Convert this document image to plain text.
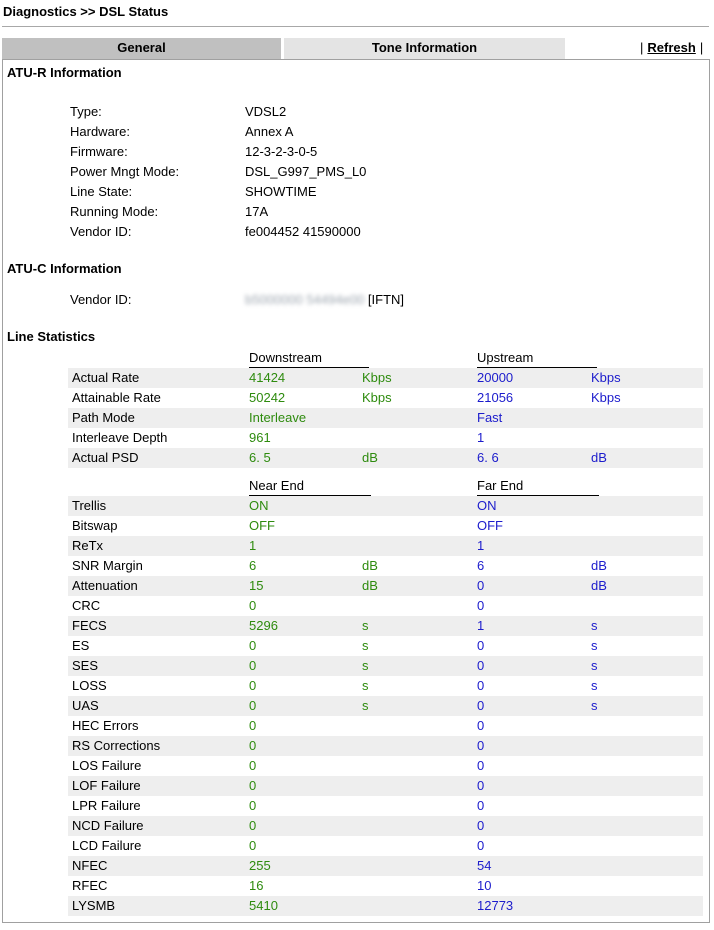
Diagnostics >> DSL Status
General	Tone Information	| Refresh |
ATU-R Information
Type:	VDSL2
Hardware:	Annex A
Firmware:	12-3-2-3-0-5
Power Mngt Mode:	DSL_G997_PMS_L0
Line State:	SHOWTIME
Running Mode:	17A
Vendor ID:	fe004452 41590000
ATU-C Information
Vendor ID:	b5000000 54494e00 [IFTN]
Line Statistics
Downstream	Upstream
Actual Rate	41424	Kbps	20000	Kbps
Attainable Rate	50242	Kbps	21056	Kbps
Path Mode	Interleave	Fast
Interleave Depth	961	1
Actual PSD	6. 5	dB	6. 6	dB
Near End	Far End
Trellis	ON	ON
Bitswap	OFF	OFF
ReTx	1	1
SNR Margin	6	dB	6	dB
Attenuation	15	dB	0	dB
CRC	0	0
FECS	5296	s	1	s
ES	0	s	0	s
SES	0	s	0	s
LOSS	0	s	0	s
UAS	0	s	0	s
HEC Errors	0	0
RS Corrections	0	0
LOS Failure	0	0
LOF Failure	0	0
LPR Failure	0	0
NCD Failure	0	0
LCD Failure	0	0
NFEC	255	54
RFEC	16	10
LYSMB	5410	12773
